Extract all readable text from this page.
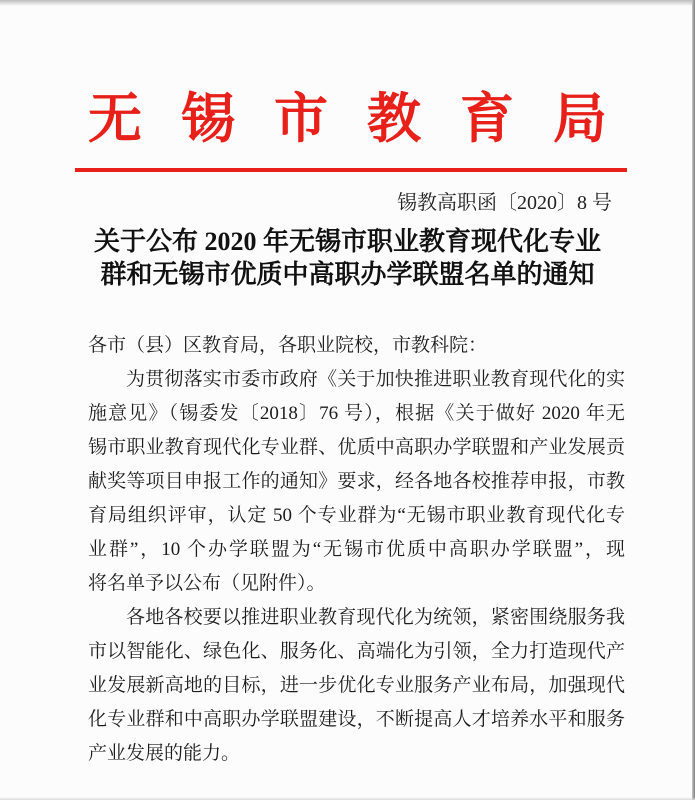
无锡市教育局
锡教高职函〔2020〕8 号
关于公布 2020 年无锡市职业教育现代化专业
群和无锡市优质中高职办学联盟名单的通知

各市（县）区教育局，各职业院校，市教科院：

为贯彻落实市委市政府《关于加快推进职业教育现代化的实

施意见》（锡委发〔2018〕76 号），根据《关于做好 2020 年无

锡市职业教育现代化专业群、优质中高职办学联盟和产业发展贡

献奖等项目申报工作的通知》要求，经各地各校推荐申报，市教

育局组织评审，认定 50 个专业群为“无锡市职业教育现代化专

业群”，10 个办学联盟为“无锡市优质中高职办学联盟”，现

将名单予以公布（见附件）。

各地各校要以推进职业教育现代化为统领，紧密围绕服务我

市以智能化、绿色化、服务化、高端化为引领，全力打造现代产

业发展新高地的目标，进一步优化专业服务产业布局，加强现代

化专业群和中高职办学联盟建设，不断提高人才培养水平和服务

产业发展的能力。
